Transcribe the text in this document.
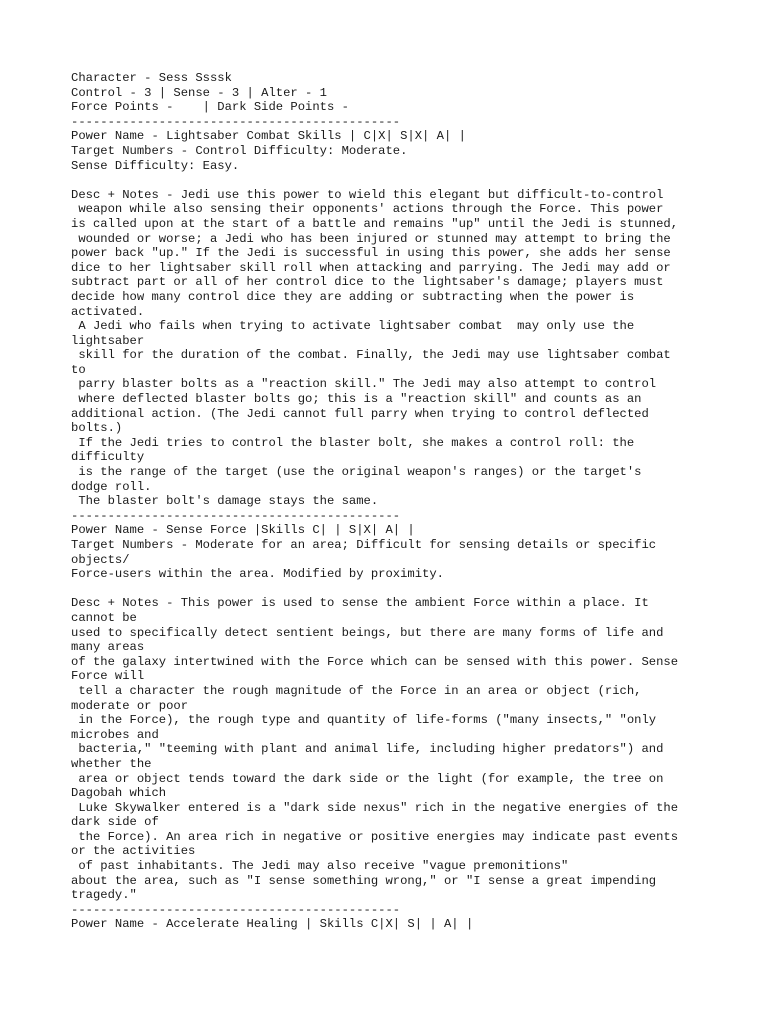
Character - Sess Ssssk
Control - 3 | Sense - 3 | Alter - 1
Force Points -    | Dark Side Points -
---------------------------------------------
Power Name - Lightsaber Combat Skills | C|X| S|X| A| |
Target Numbers - Control Difficulty: Moderate.
Sense Difficulty: Easy.
Desc + Notes - Jedi use this power to wield this elegant but difficult-to-control
weapon while also sensing their opponents' actions through the Force. This power
is called upon at the start of a battle and remains "up" until the Jedi is stunned,
wounded or worse; a Jedi who has been injured or stunned may attempt to bring the
power back "up." If the Jedi is successful in using this power, she adds her sense
dice to her lightsaber skill roll when attacking and parrying. The Jedi may add or
subtract part or all of her control dice to the lightsaber's damage; players must
decide how many control dice they are adding or subtracting when the power is
activated.
A Jedi who fails when trying to activate lightsaber combat  may only use the
lightsaber
skill for the duration of the combat. Finally, the Jedi may use lightsaber combat
to
parry blaster bolts as a "reaction skill." The Jedi may also attempt to control
where deflected blaster bolts go; this is a "reaction skill" and counts as an
additional action. (The Jedi cannot full parry when trying to control deflected
bolts.)
If the Jedi tries to control the blaster bolt, she makes a control roll: the
difficulty
is the range of the target (use the original weapon's ranges) or the target's
dodge roll.
The blaster bolt's damage stays the same.
---------------------------------------------
Power Name - Sense Force |Skills C| | S|X| A| |
Target Numbers - Moderate for an area; Difficult for sensing details or specific
objects/
Force-users within the area. Modified by proximity.
Desc + Notes - This power is used to sense the ambient Force within a place. It
cannot be
used to specifically detect sentient beings, but there are many forms of life and
many areas
of the galaxy intertwined with the Force which can be sensed with this power. Sense
Force will
tell a character the rough magnitude of the Force in an area or object (rich,
moderate or poor
in the Force), the rough type and quantity of life-forms ("many insects," "only
microbes and
bacteria," "teeming with plant and animal life, including higher predators") and
whether the
area or object tends toward the dark side or the light (for example, the tree on
Dagobah which
Luke Skywalker entered is a "dark side nexus" rich in the negative energies of the
dark side of
the Force). An area rich in negative or positive energies may indicate past events
or the activities
of past inhabitants. The Jedi may also receive "vague premonitions"
about the area, such as "I sense something wrong," or "I sense a great impending
tragedy."
---------------------------------------------
Power Name - Accelerate Healing | Skills C|X| S| | A| |
